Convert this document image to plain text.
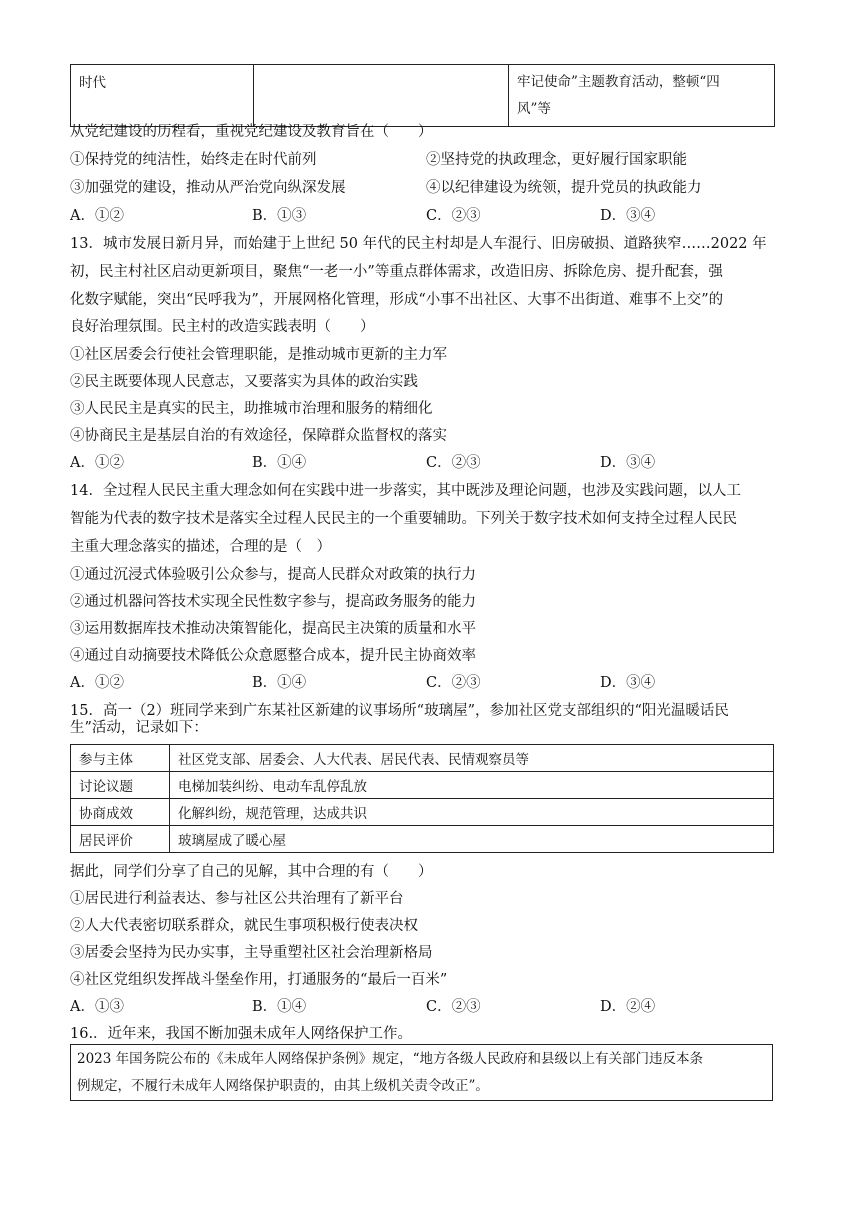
时代		牢记使命”主题教育活动，整顿“四
风”等
从党纪建设的历程看，重视党纪建设及教育旨在（　　）
①保持党的纯洁性，始终走在时代前列	②坚持党的执政理念，更好履行国家职能
③加强党的建设，推动从严治党向纵深发展	④以纪律建设为统领，提升党员的执政能力
A．①②	B．①③	C．②③	D．③④
13．城市发展日新月异，而始建于上世纪 50 年代的民主村却是人车混行、旧房破损、道路狭窄……2022 年
初，民主村社区启动更新项目，聚焦“一老一小”等重点群体需求，改造旧房、拆除危房、提升配套，强
化数字赋能，突出“民呼我为”，开展网格化管理，形成“小事不出社区、大事不出街道、难事不上交”的
良好治理氛围。民主村的改造实践表明（　　）
①社区居委会行使社会管理职能，是推动城市更新的主力军
②民主既要体现人民意志，又要落实为具体的政治实践
③人民民主是真实的民主，助推城市治理和服务的精细化
④协商民主是基层自治的有效途径，保障群众监督权的落实
A．①②	B．①④	C．②③	D．③④
14．全过程人民民主重大理念如何在实践中进一步落实，其中既涉及理论问题，也涉及实践问题，以人工
智能为代表的数字技术是落实全过程人民民主的一个重要辅助。下列关于数字技术如何支持全过程人民民
主重大理念落实的描述，合理的是（　）
①通过沉浸式体验吸引公众参与，提高人民群众对政策的执行力
②通过机器问答技术实现全民性数字参与，提高政务服务的能力
③运用数据库技术推动决策智能化，提高民主决策的质量和水平
④通过自动摘要技术降低公众意愿整合成本，提升民主协商效率
A．①②	B．①④	C．②③	D．③④
15．高一（2）班同学来到广东某社区新建的议事场所“玻璃屋”，参加社区党支部组织的“阳光温暖话民
生”活动，记录如下：
参与主体	社区党支部、居委会、人大代表、居民代表、民情观察员等
讨论议题	电梯加装纠纷、电动车乱停乱放
协商成效	化解纠纷，规范管理，达成共识
居民评价	玻璃屋成了暖心屋
据此，同学们分享了自己的见解，其中合理的有（　　）
①居民进行利益表达、参与社区公共治理有了新平台
②人大代表密切联系群众，就民生事项积极行使表决权
③居委会坚持为民办实事，主导重塑社区社会治理新格局
④社区党组织发挥战斗堡垒作用，打通服务的“最后一百米”
A．①③	B．①④	C．②③	D．②④
16.．近年来，我国不断加强未成年人网络保护工作。
2023 年国务院公布的《未成年人网络保护条例》规定，“地方各级人民政府和县级以上有关部门违反本条
例规定，不履行未成年人网络保护职责的，由其上级机关责令改正”。
